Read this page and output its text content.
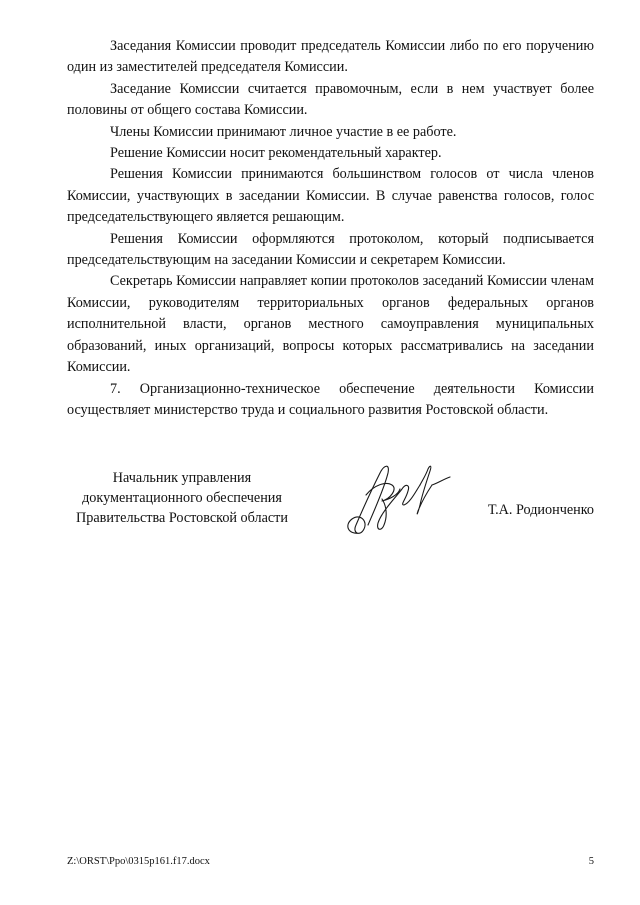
Заседания Комиссии проводит председатель Комиссии либо по его поручению один из заместителей председателя Комиссии.

Заседание Комиссии считается правомочным, если в нем участвует более половины от общего состава Комиссии.

Члены Комиссии принимают личное участие в ее работе.

Решение Комиссии носит рекомендательный характер.

Решения Комиссии принимаются большинством голосов от числа членов Комиссии, участвующих в заседании Комиссии. В случае равенства голосов, голос председательствующего является решающим.

Решения Комиссии оформляются протоколом, который подписывается председательствующим на заседании Комиссии и секретарем Комиссии.

Секретарь Комиссии направляет копии протоколов заседаний Комиссии членам Комиссии, руководителям территориальных органов федеральных органов исполнительной власти, органов местного самоуправления муниципальных образований, иных организаций, вопросы которых рассматривались на заседании Комиссии.

7. Организационно-техническое обеспечение деятельности Комиссии осуществляет министерство труда и социального развития Ростовской области.

Начальник управления
документационного обеспечения
Правительства Ростовской области	Т.А. Родионченко
Z:\ORST\Ppo\0315p161.f17.docx	5
